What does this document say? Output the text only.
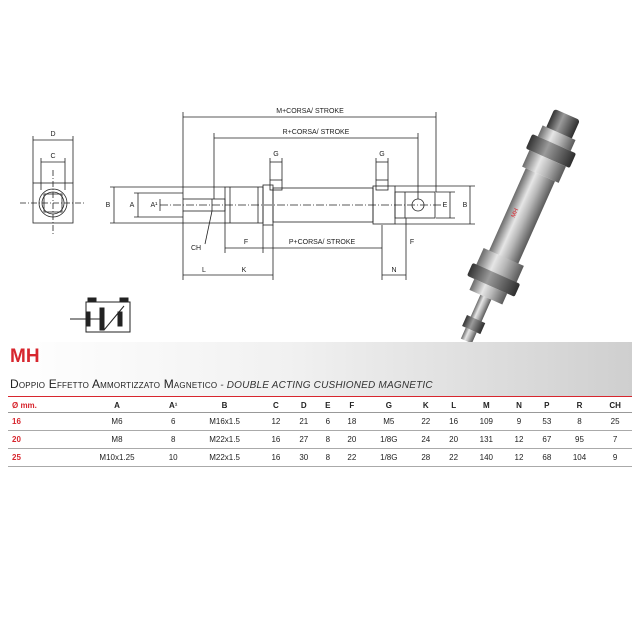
M+CORSA/ STROKE
R+CORSA/ STROKE
P+CORSA/ STROKE
D
C
B	A A¹
G	G
E B
CH
F	F
L	K	N
MH
MH
Doppio Effetto Ammortizzato Magnetico - DOUBLE ACTING CUSHIONED MAGNETIC
Ø mm.	A	A¹	B	C	D	E	F	G	K	L	M	N	P	R	CH
16	M6	6	M16x1.5	12	21	6	18	M5	22	16	109	9	53	8	25
20	M8	8	M22x1.5	16	27	8	20	1/8G	24	20	131	12	67	95	7
25	M10x1.25	10	M22x1.5	16	30	8	22	1/8G	28	22	140	12	68	104	9
